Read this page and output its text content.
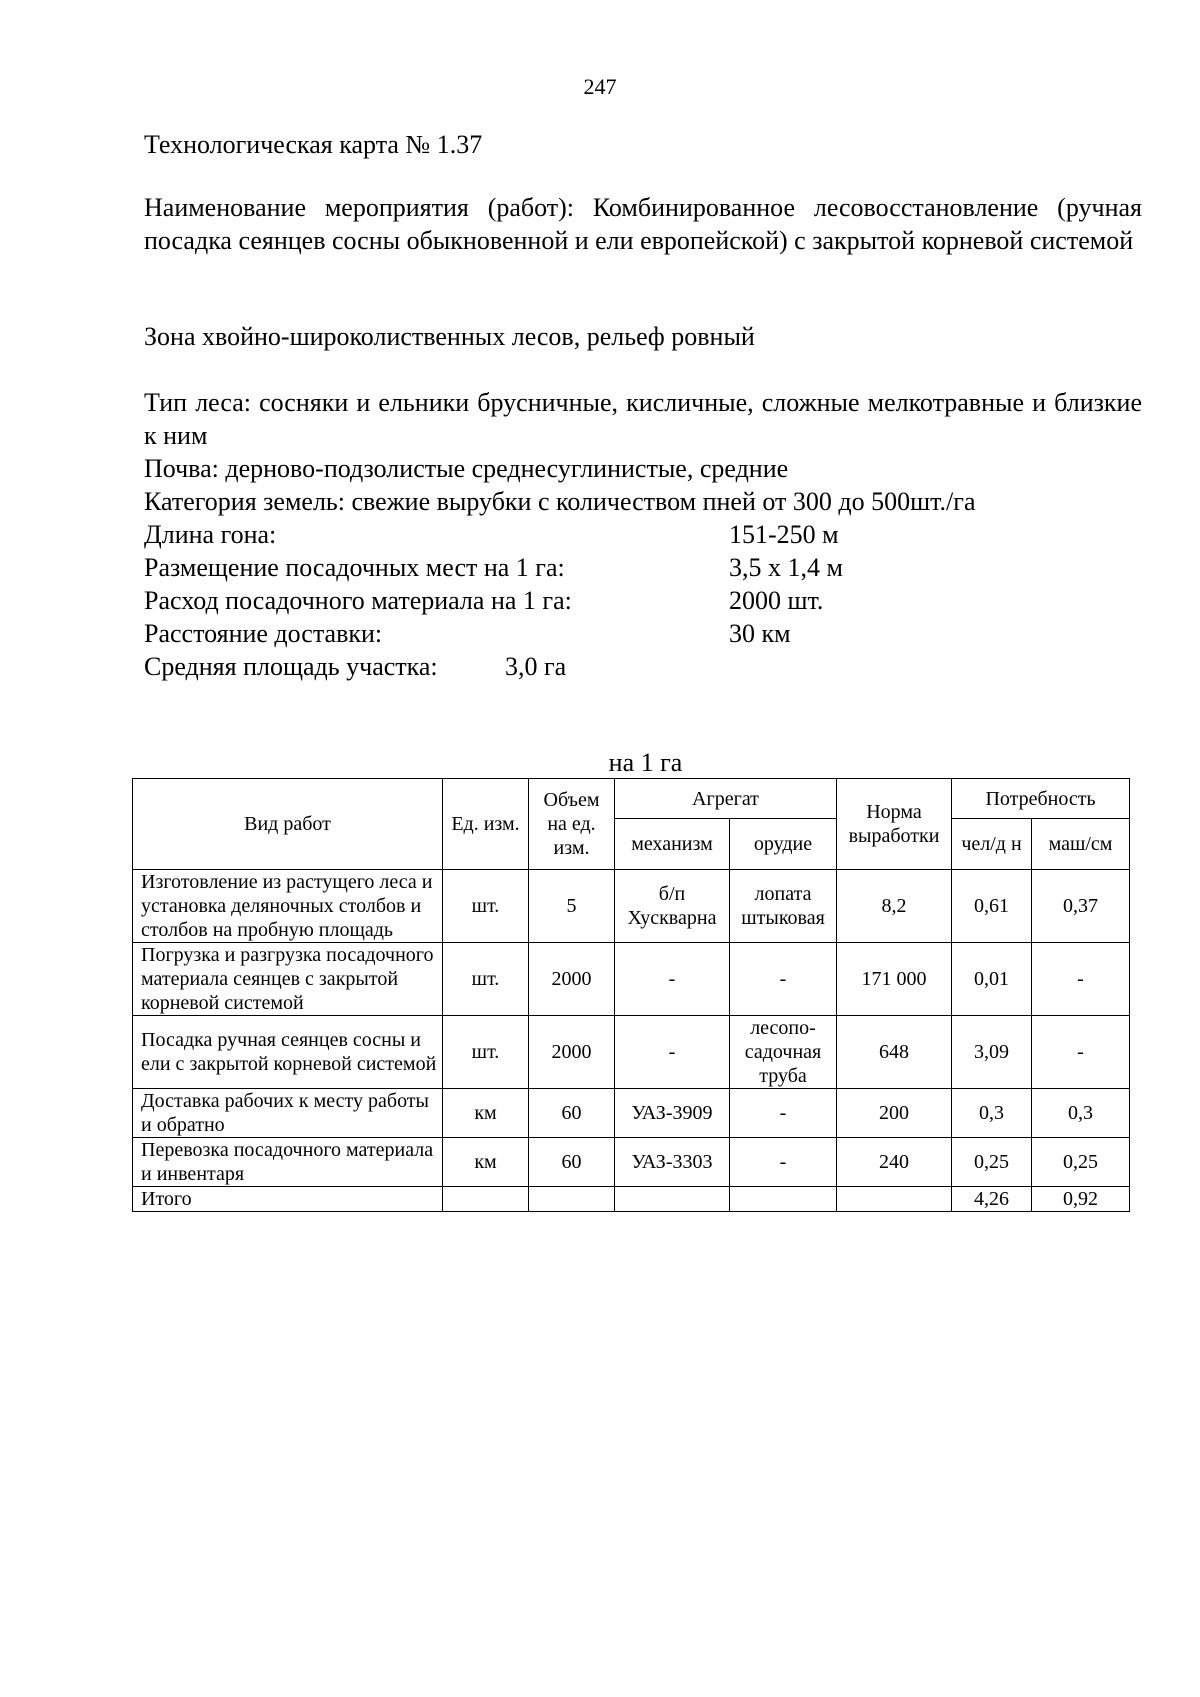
247
Технологическая карта № 1.37
Наименование мероприятия (работ): Комбинированное лесовосстановление (ручная посадка сеянцев сосны обыкновенной и ели европейской) с закрытой корневой системой
Зона хвойно-широколиственных лесов, рельеф ровный
Тип леса: сосняки и ельники брусничные, кисличные, сложные мелкотравные и близкие к ним
Почва: дерново-подзолистые среднесуглинистые, средние
Категория земель: свежие вырубки с количеством пней от 300 до 500шт./га
Длина гона:	151-250 м
Размещение посадочных мест на 1 га:	3,5 х 1,4 м
Расход посадочного материала на 1 га:	2000 шт.
Расстояние доставки:	30 км
Средняя площадь участка:	3,0 га
на 1 га
Вид работ	Ед. изм.	Объем на ед. изм.	Агрегат		Норма выработки	Потребность	
			механизм	орудие		чел/д н	маш/см
Изготовление из растущего леса и установка деляночных столбов и столбов на пробную площадь	шт.	5	б/п Хускварна	лопата штыковая	8,2	0,61	0,37
Погрузка и разгрузка посадочного материала сеянцев с закрытой корневой системой	шт.	2000	-	-	171 000	0,01	-
Посадка ручная сеянцев сосны и ели с закрытой корневой системой	шт.	2000	-	лесопо-садочная труба	648	3,09	-
Доставка рабочих к месту работы и обратно	км	60	УАЗ-3909	-	200	0,3	0,3
Перевозка посадочного материала и инвентаря	км	60	УАЗ-3303	-	240	0,25	0,25
Итого						4,26	0,92
